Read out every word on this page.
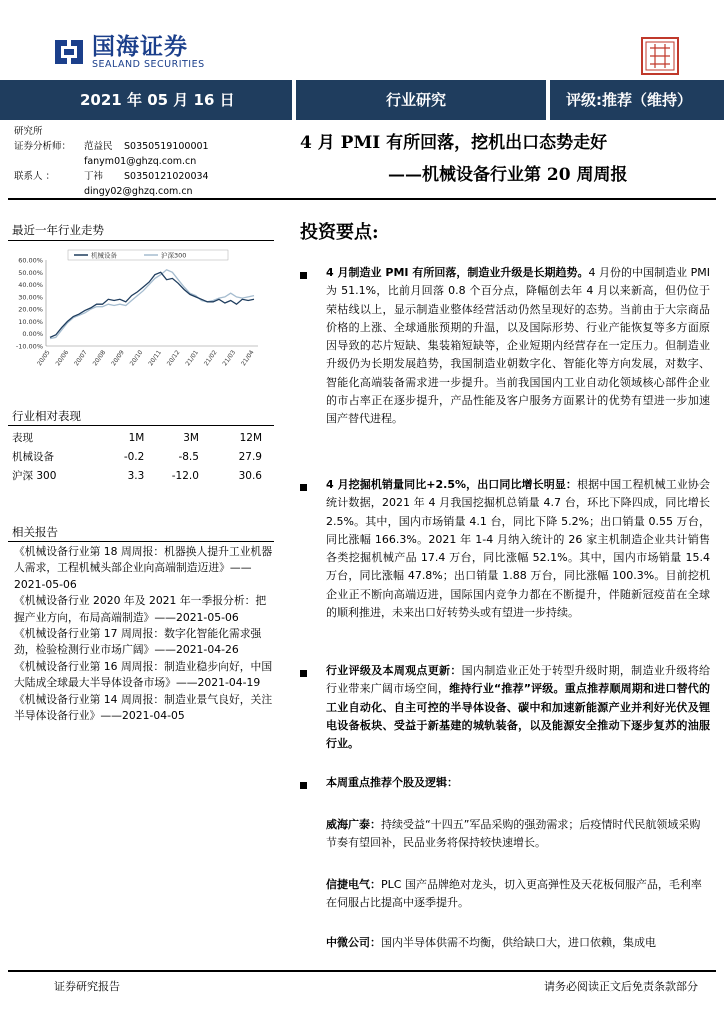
国海证券
SEALAND SECURITIES
2021 年 05 月 16 日	行业研究	评级:推荐（维持）
研究所
证券分析师：	范益民	S0350519100001
fanym01@ghzq.com.cn
联系人 ：	丁祎	S0350121020034
dingy02@ghzq.com.cn
4 月 PMI 有所回落，挖机出口态势走好
——机械设备行业第 20 周周报
最近一年行业走势
60.00%
50.00%
40.00%
30.00%
20.00%
10.00%
0.00%
-10.00%
20/05 20/06 20/07 20/08 20/09 20/10 20/11 20/12 21/01 21/02 21/03 21/04
机械设备	沪深300
行业相对表现
表现	1M	3M	12M
机械设备	-0.2	-8.5	27.9
沪深 300	3.3	-12.0	30.6
相关报告

《机械设备行业第 18 周周报：机器换人提升工业机器人需求，工程机械头部企业向高端制造迈进》——2021-05-06

《机械设备行业 2020 年及 2021 年一季报分析：把握产业方向，布局高端制造》——2021-05-06

《机械设备行业第 17 周周报：数字化智能化需求强劲，检验检测行业市场广阔》——2021-04-26

《机械设备行业第 16 周周报：制造业稳步向好，中国大陆成全球最大半导体设备市场》——2021-04-19

《机械设备行业第 14 周周报：制造业景气良好，关注半导体设备行业》——2021-04-05

投资要点:
4 月制造业 PMI 有所回落，制造业升级是长期趋势。4 月份的中国制造业 PMI 为 51.1%，比前月回落 0.8 个百分点，降幅创去年 4 月以来新高，但仍位于荣枯线以上，显示制造业整体经营活动仍然呈现好的态势。当前由于大宗商品价格的上涨、全球通胀预期的升温，以及国际形势、行业产能恢复等多方面原因导致的芯片短缺、集装箱短缺等，企业短期内经营存在一定压力。但制造业升级仍为长期发展趋势，我国制造业朝数字化、智能化等方向发展，对数字、智能化高端装备需求进一步提升。当前我国国内工业自动化领域核心部件企业的市占率正在逐步提升，产品性能及客户服务方面累计的优势有望进一步加速国产替代进程。
4 月挖掘机销量同比+2.5%，出口同比增长明显：根据中国工程机械工业协会统计数据，2021 年 4 月我国挖掘机总销量 4.7 台，环比下降四成，同比增长 2.5%。其中，国内市场销量 4.1 台，同比下降 5.2%；出口销量 0.55 万台，同比涨幅 166.3%。2021 年 1-4 月纳入统计的 26 家主机制造企业共计销售各类挖掘机械产品 17.4 万台，同比涨幅 52.1%。其中，国内市场销量 15.4 万台，同比涨幅 47.8%；出口销量 1.88 万台，同比涨幅 100.3%。目前挖机企业正不断向高端迈进，国际国内竞争力都在不断提升，伴随新冠疫苗在全球的顺利推进，未来出口好转势头或有望进一步持续。
行业评级及本周观点更新：国内制造业正处于转型升级时期，制造业升级将给行业带来广阔市场空间，维持行业“推荐”评级。重点推荐顺周期和进口替代的工业自动化、自主可控的半导体设备、碳中和加速新能源产业并利好光伏及锂电设备板块、受益于新基建的城轨装备，以及能源安全推动下逐步复苏的油服行业。
本周重点推荐个股及逻辑：
威海广泰：持续受益“十四五”军品采购的强劲需求；后疫情时代民航领域采购节奏有望回补，民品业务将保持较快速增长。
信捷电气：PLC 国产品牌绝对龙头，切入更高弹性及天花板伺服产品，毛利率在伺服占比提高中逐季提升。
中微公司：国内半导体供需不均衡，供给缺口大，进口依赖，集成电
证券研究报告	请务必阅读正文后免责条款部分
